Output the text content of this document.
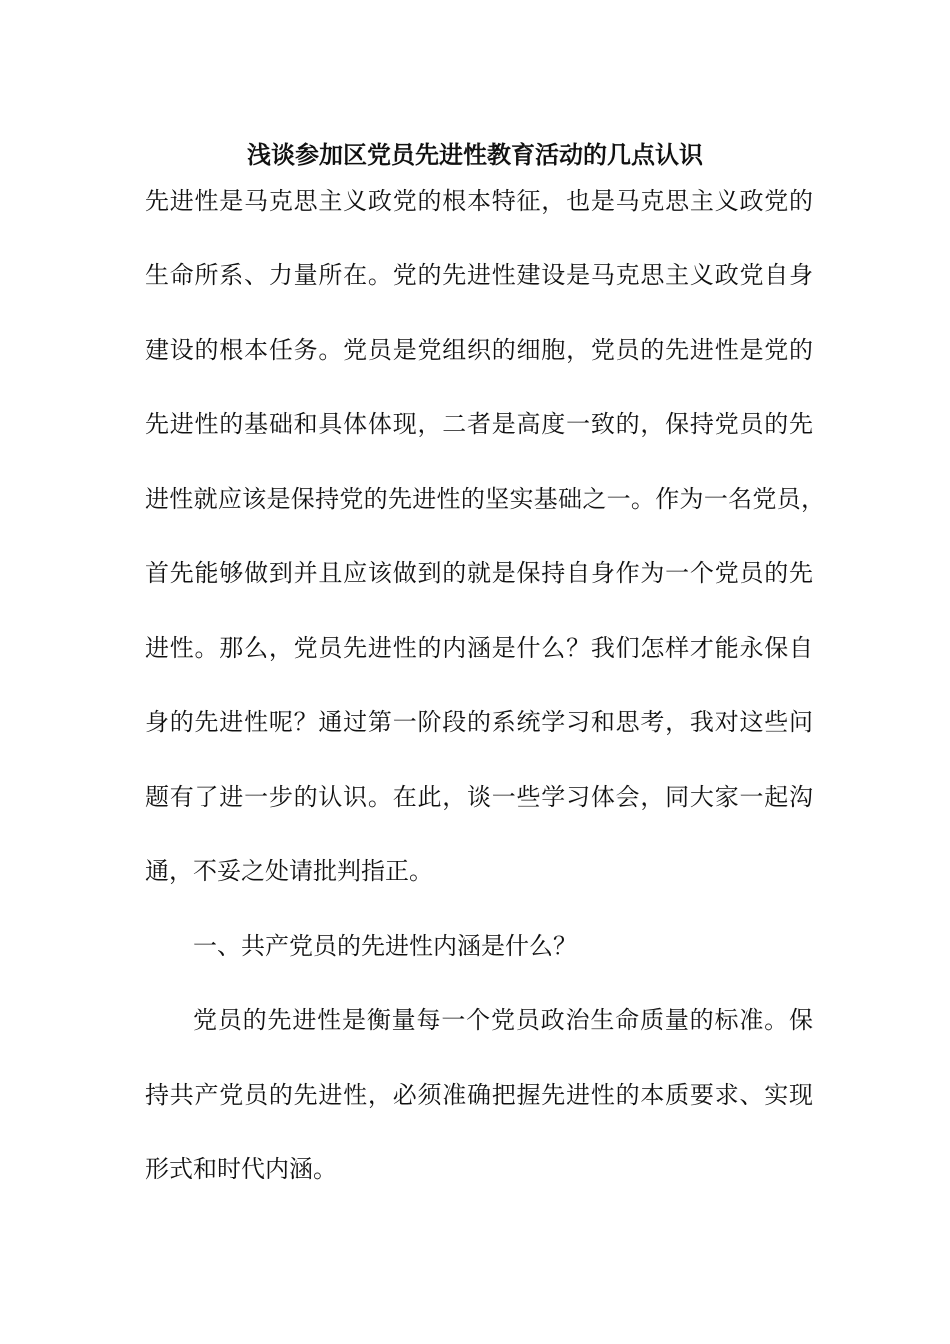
浅谈参加区党员先进性教育活动的几点认识
先进性是马克思主义政党的根本特征，也是马克思主义政党的
生命所系、力量所在。党的先进性建设是马克思主义政党自身
建设的根本任务。党员是党组织的细胞，党员的先进性是党的
先进性的基础和具体体现，二者是高度一致的，保持党员的先
进性就应该是保持党的先进性的坚实基础之一。作为一名党员，
首先能够做到并且应该做到的就是保持自身作为一个党员的先
进性。那么，党员先进性的内涵是什么？我们怎样才能永保自
身的先进性呢？通过第一阶段的系统学习和思考，我对这些问
题有了进一步的认识。在此，谈一些学习体会，同大家一起沟
通，不妥之处请批判指正。
一、共产党员的先进性内涵是什么？
党员的先进性是衡量每一个党员政治生命质量的标准。保
持共产党员的先进性，必须准确把握先进性的本质要求、实现
形式和时代内涵。
